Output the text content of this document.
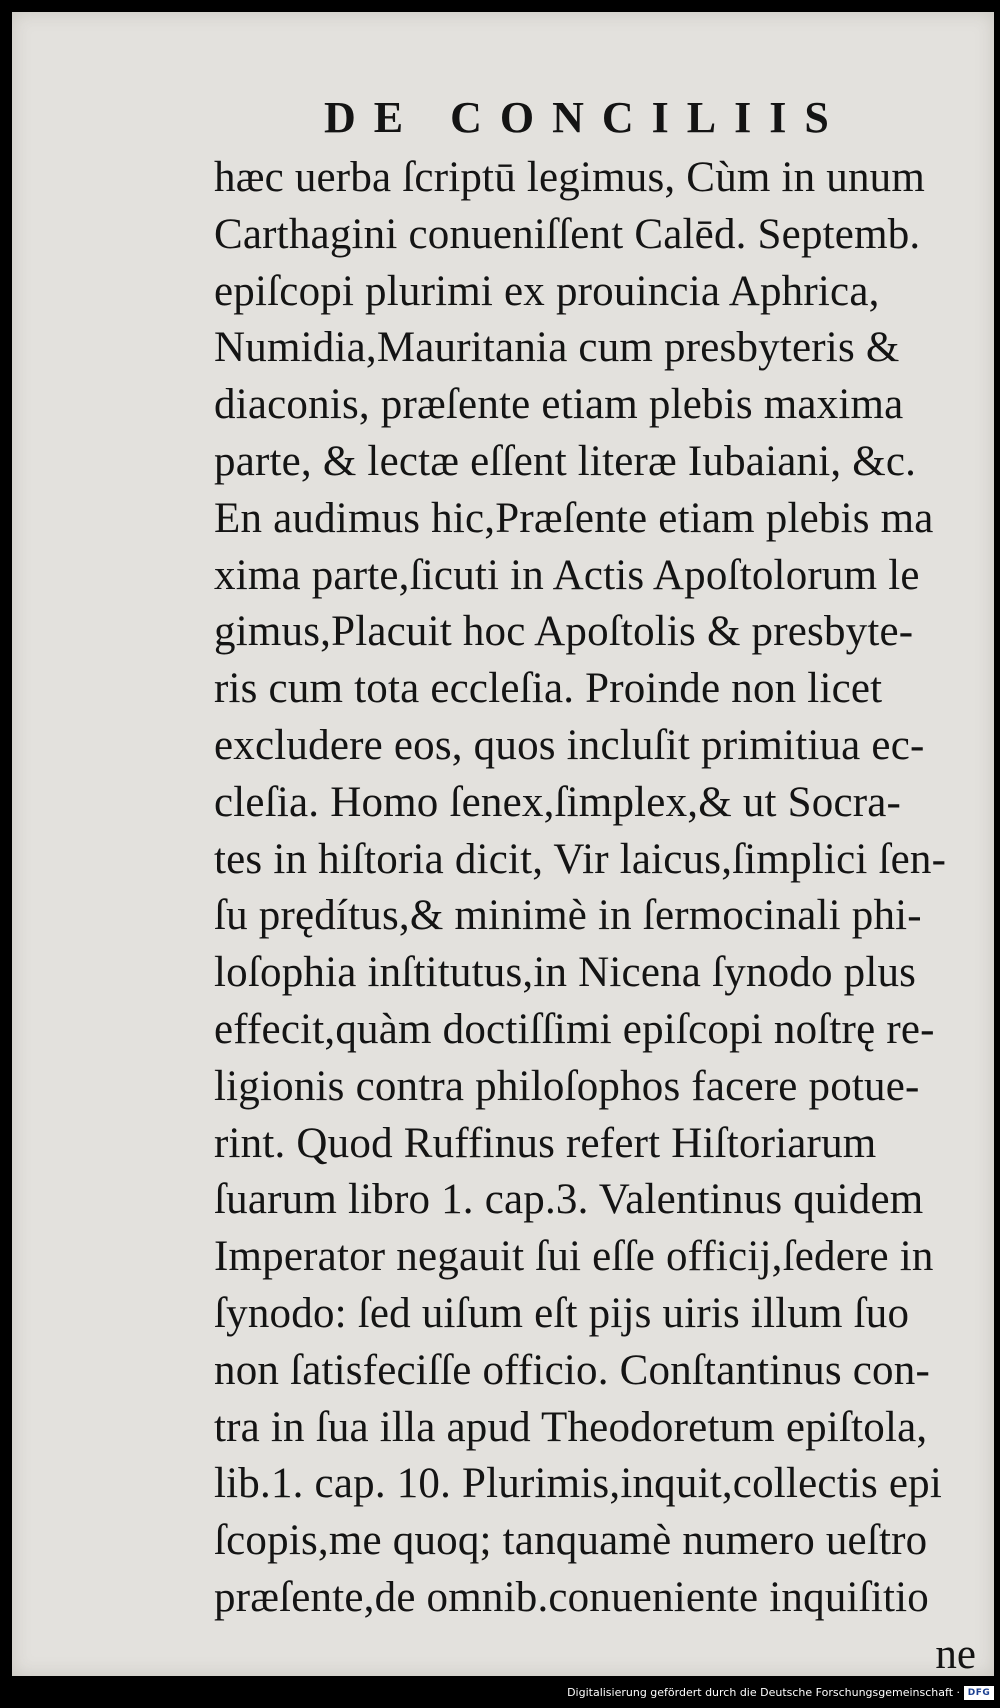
DE CONCILIIS
hæc uerba ſcriptū legimus, Cùm in unum
Carthagini conueniſſent Calēd. Septemb.
epiſcopi plurimi ex prouincia Aphrica,
Numidia,Mauritania cum presbyteris &
diaconis, præſente etiam plebis maxima
parte, & lectæ eſſent literæ Iubaiani, &c.
En audimus hic,Præſente etiam plebis ma
xima parte,ſicuti in Actis Apoſtolorum le
gimus,Placuit hoc Apoſtolis & presbyte-
ris cum tota eccleſia. Proinde non licet
excludere eos, quos incluſit primitiua ec-
cleſia. Homo ſenex,ſimplex,& ut Socra-
tes in hiſtoria dicit, Vir laicus,ſimplici ſen-
ſu prędítus,& minimè in ſermocinali phi-
loſophia inſtitutus,in Nicena ſynodo plus
effecit,quàm doctiſſimi epiſcopi noſtrę re-
ligionis contra philoſophos facere potue-
rint. Quod Ruffinus refert Hiſtoriarum
ſuarum libro 1. cap.3. Valentinus quidem
Imperator negauit ſui eſſe officij,ſedere in
ſynodo: ſed uiſum eſt pijs uiris illum ſuo
non ſatisfeciſſe officio. Conſtantinus con-
tra in ſua illa apud Theodoretum epiſtola,
lib.1. cap. 10. Plurimis,inquit,collectis epi
ſcopis,me quoq; tanquamè numero ueſtro
præſente,de omnib.conueniente inquiſitio
ne
Digitalisierung gefördert durch die Deutsche Forschungsgemeinschaft · DFG
